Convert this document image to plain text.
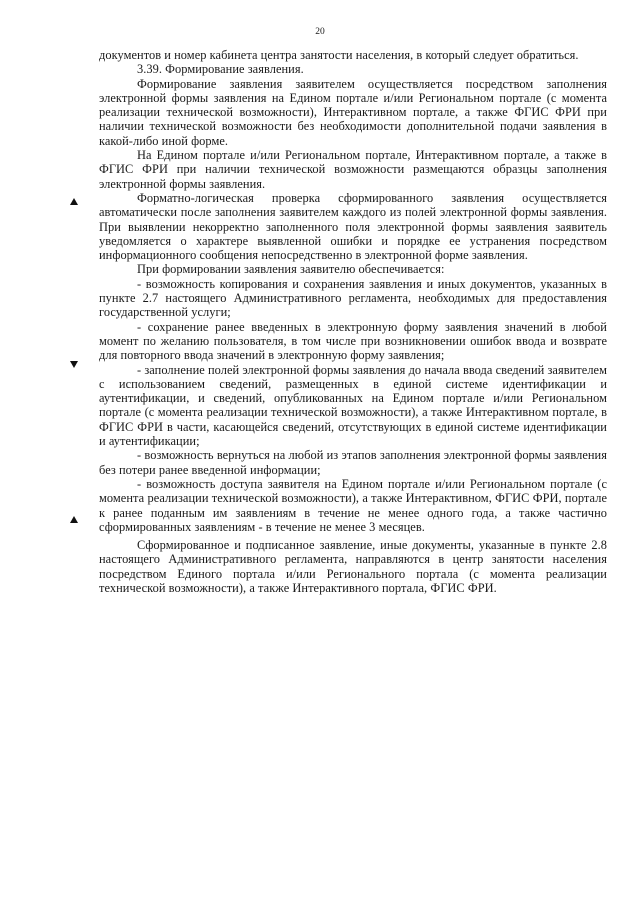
20

документов и номер кабинета центра занятости населения, в который следует обратиться.

3.39. Формирование заявления.

Формирование заявления заявителем осуществляется посредством заполнения электронной формы заявления на Едином портале и/или Региональном портале (с момента реализации технической возможности), Интерактивном портале, а также ФГИС ФРИ при наличии технической возможности без необходимости дополнительной подачи заявления в какой-либо иной форме.

На Едином портале и/или Региональном портале, Интерактивном портале, а также в ФГИС ФРИ при наличии технической возможности размещаются образцы заполнения электронной формы заявления.

Форматно-логическая проверка сформированного заявления осуществляется автоматически после заполнения заявителем каждого из полей электронной формы заявления. При выявлении некорректно заполненного поля электронной формы заявления заявитель уведомляется о характере выявленной ошибки и порядке ее устранения посредством информационного сообщения непосредственно в электронной форме заявления.

При формировании заявления заявителю обеспечивается:

- возможность копирования и сохранения заявления и иных документов, указанных в пункте 2.7 настоящего Административного регламента, необходимых для предоставления государственной услуги;

- сохранение ранее введенных в электронную форму заявления значений в любой момент по желанию пользователя, в том числе при возникновении ошибок ввода и возврате для повторного ввода значений в электронную форму заявления;

- заполнение полей электронной формы заявления до начала ввода сведений заявителем с использованием сведений, размещенных в единой системе идентификации и аутентификации, и сведений, опубликованных на Едином портале и/или Региональном портале (с момента реализации технической возможности), а также Интерактивном портале, в ФГИС ФРИ в части, касающейся сведений, отсутствующих в единой системе идентификации и аутентификации;

- возможность вернуться на любой из этапов заполнения электронной формы заявления без потери ранее введенной информации;

- возможность доступа заявителя на Едином портале и/или Региональном портале (с момента реализации технической возможности), а также Интерактивном, ФГИС ФРИ, портале к ранее поданным им заявлениям в течение не менее одного года, а также частично сформированных заявлениям - в течение не менее 3 месяцев.

Сформированное и подписанное заявление, иные документы, указанные в пункте 2.8 настоящего Административного регламента, направляются в центр занятости населения посредством Единого портала и/или Регионального портала (с момента реализации технической возможности), а также Интерактивного портала, ФГИС ФРИ.
